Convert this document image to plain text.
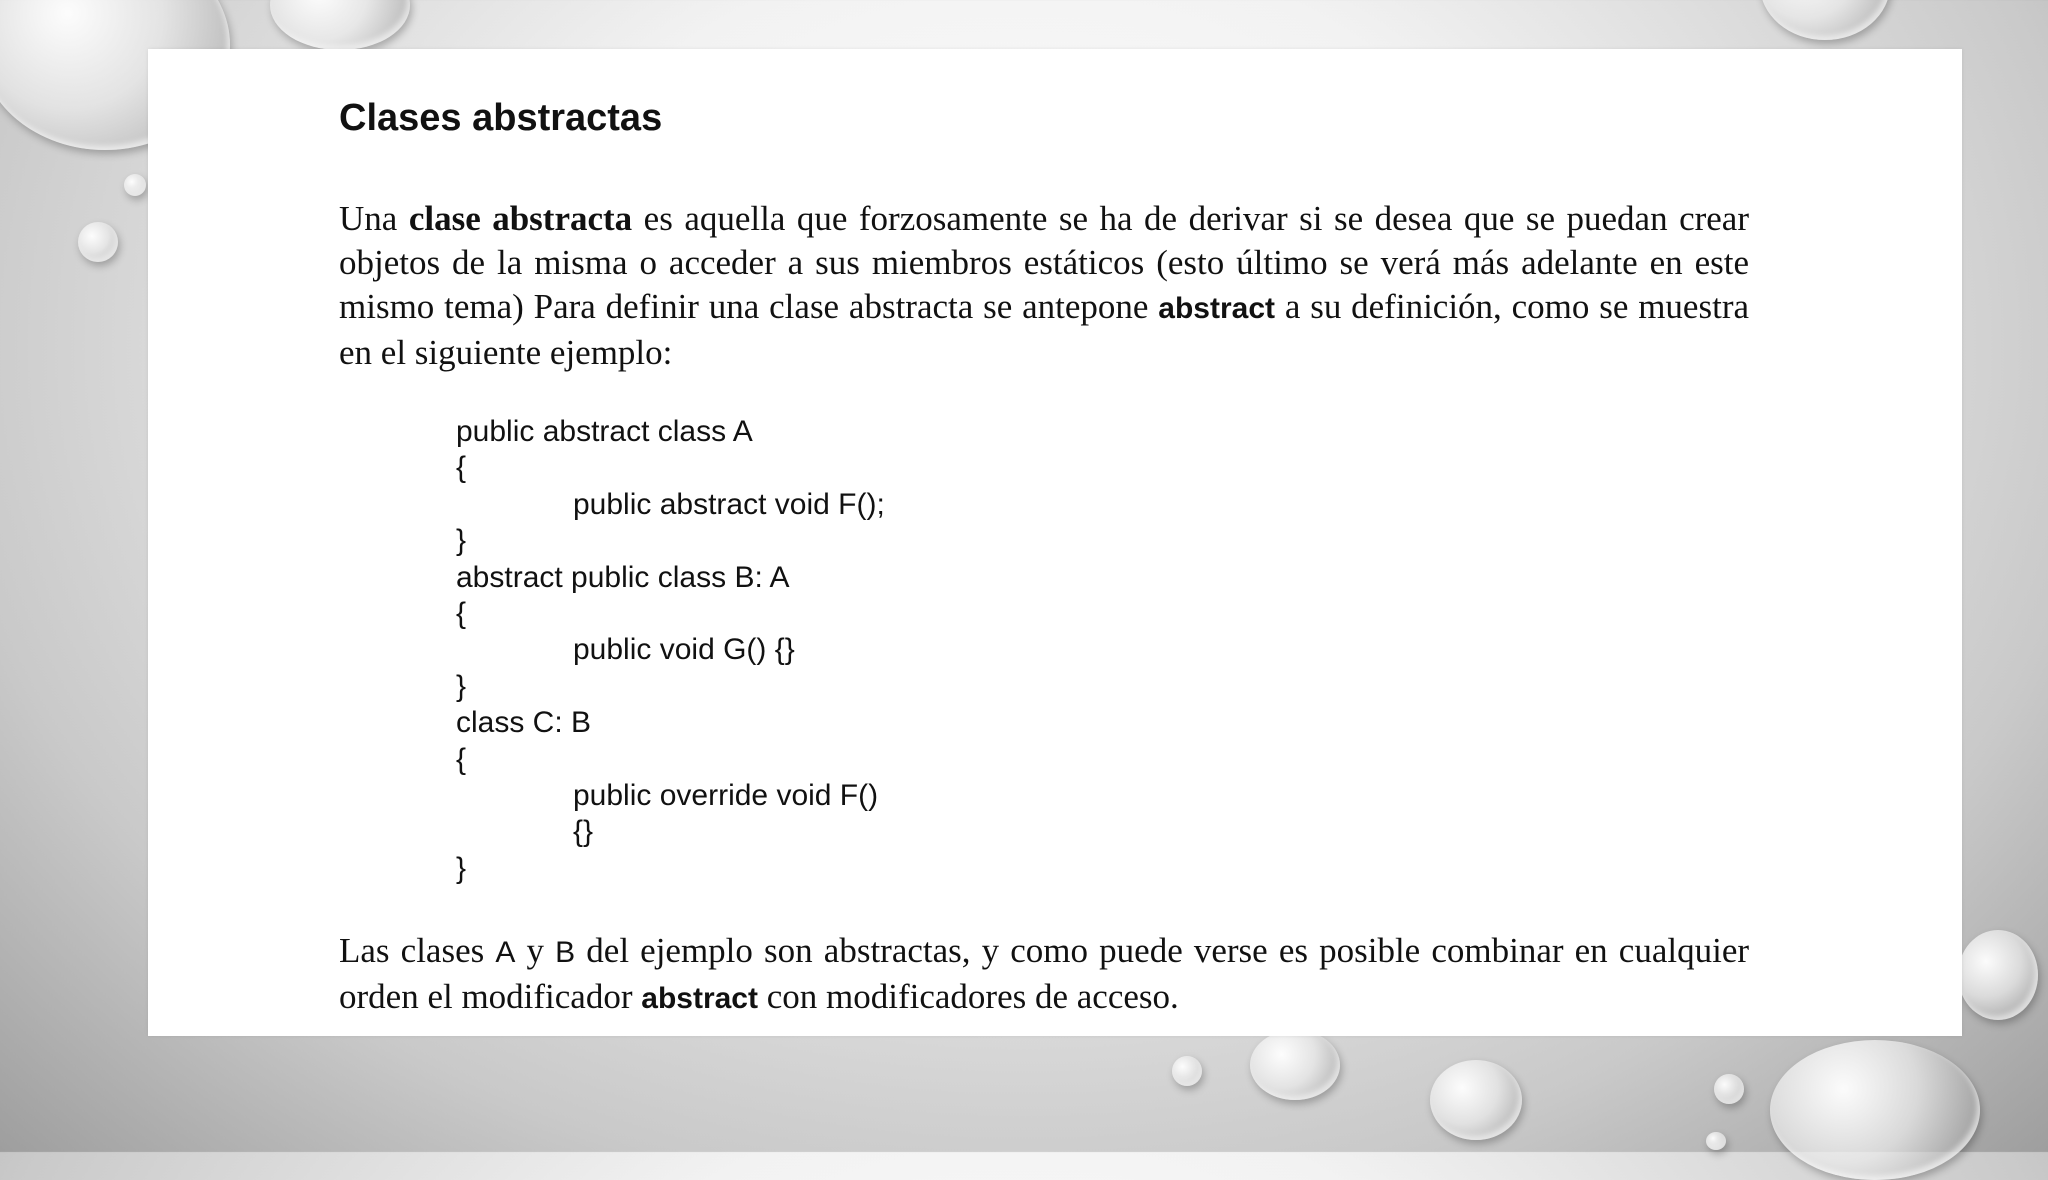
Clases abstractas

Una clase abstracta es aquella que forzosamente se ha de derivar si se desea que se puedan crear objetos de la misma o acceder a sus miembros estáticos (esto último se verá más adelante en este mismo tema) Para definir una clase abstracta se antepone abstract a su definición, como se muestra en el siguiente ejemplo:

public abstract class A
{
public abstract void F();
}
abstract public class B: A
{
public void G() {}
}
class C: B
{
public override void F()
{}
}

Las clases A y B del ejemplo son abstractas, y como puede verse es posible combinar en cualquier orden el modificador abstract con modificadores de acceso.
